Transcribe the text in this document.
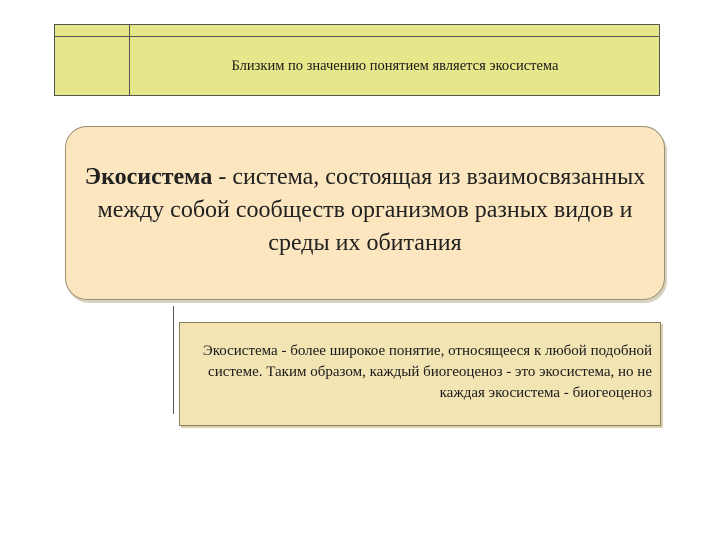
Близким по значению понятием является экосистема
Экосистема - система, состоящая из взаимосвязанных между собой сообществ организмов разных видов и среды их обитания
Экосистема - более широкое понятие, относящееся к любой подобной системе. Таким образом, каждый биогеоценоз - это экосистема, но не каждая экосистема - биогеоценоз
